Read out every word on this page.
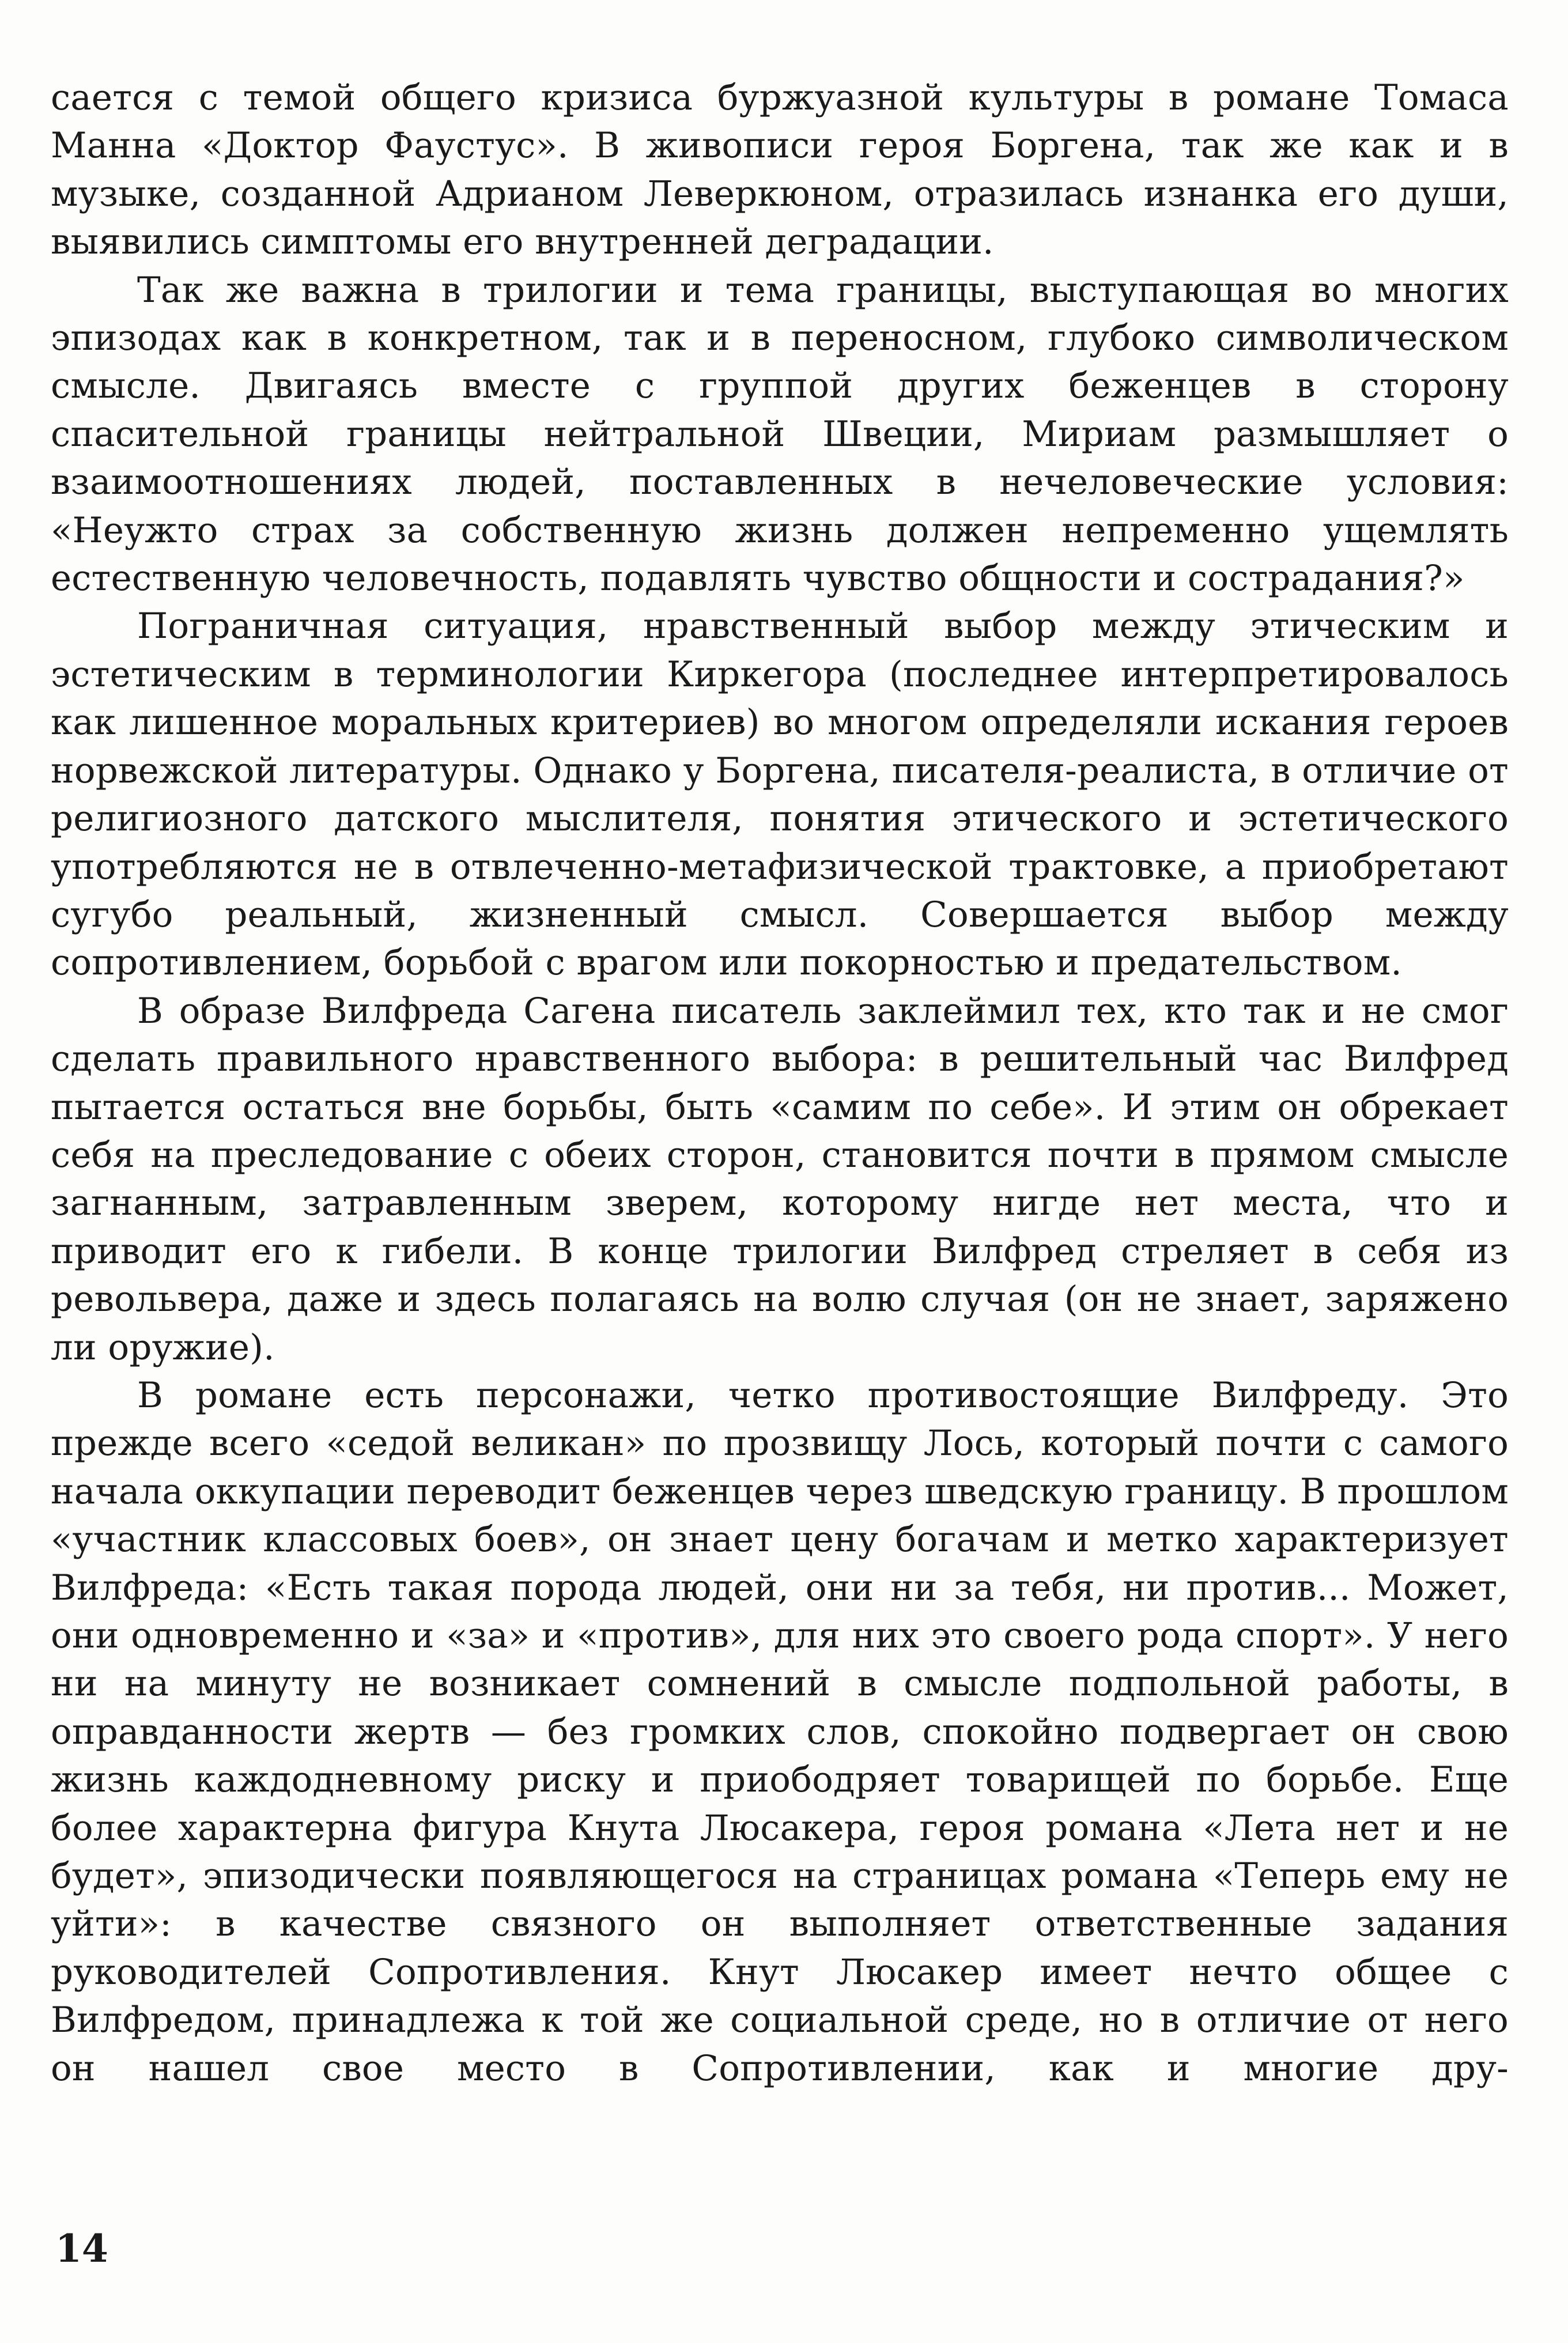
сается с темой общего кризиса буржуазной культуры в романе Томаса Манна «Доктор Фаустус». В живописи героя Боргена, так же как и в музыке, созданной Адрианом Леверкюном, отразилась изнанка его души, выявились симптомы его внутренней деградации.

Так же важна в трилогии и тема границы, выступающая во многих эпизодах как в конкретном, так и в переносном, глубоко символическом смысле. Двигаясь вместе с группой других беженцев в сторону спасительной границы нейтральной Швеции, Мириам размышляет о взаимоотношениях людей, поставленных в нечеловеческие условия: «Неужто страх за собственную жизнь должен непременно ущемлять естественную человечность, подавлять чувство общности и сострадания?»

Пограничная ситуация, нравственный выбор между этическим и эстетическим в терминологии Киркегора (последнее интерпретировалось как лишенное моральных критериев) во многом определяли искания героев норвежской литературы. Однако у Боргена, писателя-реалиста, в отличие от религиозного датского мыслителя, понятия этического и эстетического употребляются не в отвлеченно-метафизической трактовке, а приобретают сугубо реальный, жизненный смысл. Совершается выбор между сопротивлением, борьбой с врагом или покорностью и предательством.

В образе Вилфреда Сагена писатель заклеймил тех, кто так и не смог сделать правильного нравственного выбора: в решительный час Вилфред пытается остаться вне борьбы, быть «самим по себе». И этим он обрекает себя на преследование с обеих сторон, становится почти в прямом смысле загнанным, затравленным зверем, которому нигде нет места, что и приводит его к гибели. В конце трилогии Вилфред стреляет в себя из револьвера, даже и здесь полагаясь на волю случая (он не знает, заряжено ли оружие).

В романе есть персонажи, четко противостоящие Вилфреду. Это прежде всего «седой великан» по прозвищу Лось, который почти с самого начала оккупации переводит беженцев через шведскую границу. В прошлом «участник классовых боев», он знает цену богачам и метко характеризует Вилфреда: «Есть такая порода людей, они ни за тебя, ни против... Может, они одновременно и «за» и «против», для них это своего рода спорт». У него ни на минуту не возникает сомнений в смысле подпольной работы, в оправданности жертв — без громких слов, спокойно подвергает он свою жизнь каждодневному риску и приободряет товарищей по борьбе. Еще более характерна фигура Кнута Люсакера, героя романа «Лета нет и не будет», эпизодически появляющегося на страницах романа «Теперь ему не уйти»: в качестве связного он выполняет ответственные задания руководителей Сопротивления. Кнут Люсакер имеет нечто общее с Вилфредом, принадлежа к той же социальной среде, но в отличие от него он нашел свое место в Сопротивлении, как и многие дру-

14
